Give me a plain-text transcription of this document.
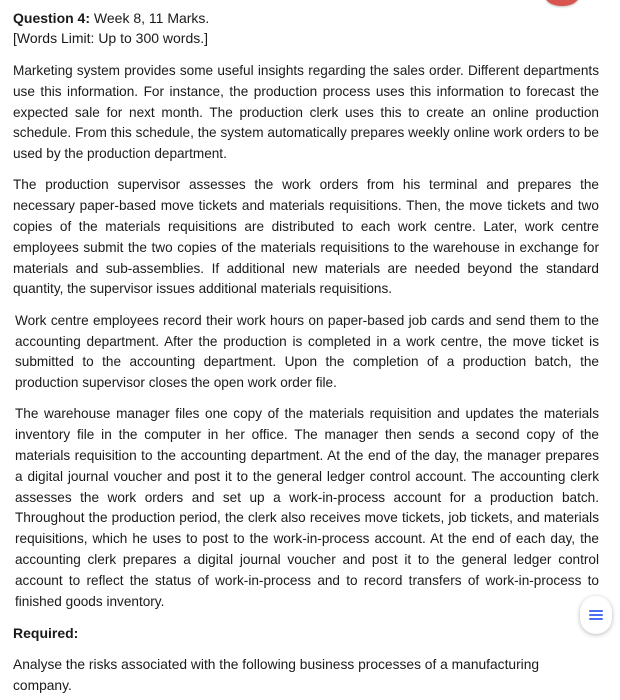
Question 4: Week 8, 11 Marks.

[Words Limit: Up to 300 words.]

Marketing system provides some useful insights regarding the sales order. Different departments use this information. For instance, the production process uses this information to forecast the expected sale for next month. The production clerk uses this to create an online production schedule. From this schedule, the system automatically prepares weekly online work orders to be used by the production department.

The production supervisor assesses the work orders from his terminal and prepares the necessary paper-based move tickets and materials requisitions. Then, the move tickets and two copies of the materials requisitions are distributed to each work centre. Later, work centre employees submit the two copies of the materials requisitions to the warehouse in exchange for materials and sub-assemblies. If additional new materials are needed beyond the standard quantity, the supervisor issues additional materials requisitions.

Work centre employees record their work hours on paper-based job cards and send them to the accounting department. After the production is completed in a work centre, the move ticket is submitted to the accounting department. Upon the completion of a production batch, the production supervisor closes the open work order file.

The warehouse manager files one copy of the materials requisition and updates the materials inventory file in the computer in her office. The manager then sends a second copy of the materials requisition to the accounting department. At the end of the day, the manager prepares a digital journal voucher and post it to the general ledger control account. The accounting clerk assesses the work orders and set up a work-in-process account for a production batch. Throughout the production period, the clerk also receives move tickets, job tickets, and materials requisitions, which he uses to post to the work-in-process account. At the end of each day, the accounting clerk prepares a digital journal voucher and post it to the general ledger control account to reflect the status of work-in-process and to record transfers of work-in-process to finished goods inventory.

Required:

Analyse the risks associated with the following business processes of a manufacturing company.
